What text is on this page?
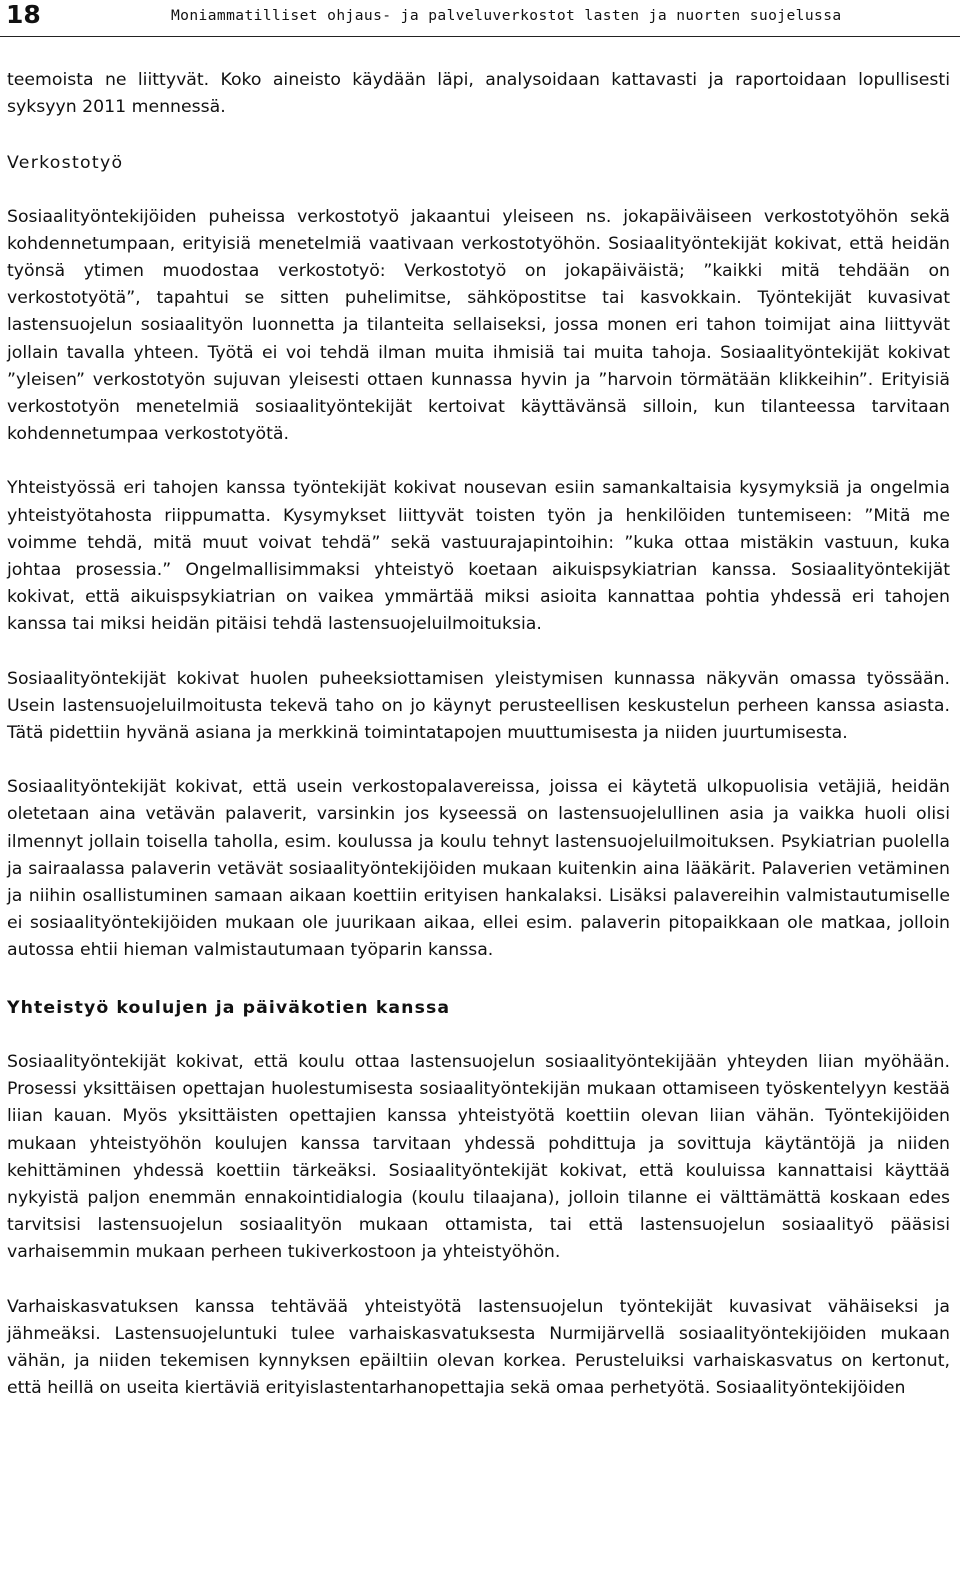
18	Moniammatilliset ohjaus- ja palveluverkostot lasten ja nuorten suojelussa

teemoista ne liittyvät. Koko aineisto käydään läpi, analysoidaan kattavasti ja raportoidaan lopullisesti syksyyn 2011 mennessä.

Verkostotyö

Sosiaalityöntekijöiden puheissa verkostotyö jakaantui yleiseen ns. jokapäiväiseen verkostotyöhön sekä kohdennetumpaan, erityisiä menetelmiä vaativaan verkostotyöhön. Sosiaalityöntekijät kokivat, että heidän työnsä ytimen muodostaa verkostotyö: Verkostotyö on jokapäiväistä; ”kaikki mitä tehdään on verkostotyötä”, tapahtui se sitten puhelimitse, sähköpostitse tai kasvokkain. Työntekijät kuvasivat lastensuojelun sosiaalityön luonnetta ja tilanteita sellaiseksi, jossa monen eri tahon toimijat aina liittyvät jollain tavalla yhteen. Työtä ei voi tehdä ilman muita ihmisiä tai muita tahoja. Sosiaalityöntekijät kokivat ”yleisen” verkostotyön sujuvan yleisesti ottaen kunnassa hyvin ja ”harvoin törmätään klikkeihin”. Erityisiä verkostotyön menetelmiä sosiaalityöntekijät kertoivat käyttävänsä silloin, kun tilanteessa tarvitaan kohdennetumpaa verkostotyötä.

Yhteistyössä eri tahojen kanssa työntekijät kokivat nousevan esiin samankaltaisia kysymyksiä ja ongelmia yhteistyötahosta riippumatta. Kysymykset liittyvät toisten työn ja henkilöiden tuntemiseen: ”Mitä me voimme tehdä, mitä muut voivat tehdä” sekä vastuurajapintoihin: ”kuka ottaa mistäkin vastuun, kuka johtaa prosessia.” Ongelmallisimmaksi yhteistyö koetaan aikuispsykiatrian kanssa. Sosiaalityöntekijät kokivat, että aikuispsykiatrian on vaikea ymmärtää miksi asioita kannattaa pohtia yhdessä eri tahojen kanssa tai miksi heidän pitäisi tehdä lastensuojeluilmoituksia.

Sosiaalityöntekijät kokivat huolen puheeksiottamisen yleistymisen kunnassa näkyvän omassa työssään. Usein lastensuojeluilmoitusta tekevä taho on jo käynyt perusteellisen keskustelun perheen kanssa asiasta. Tätä pidettiin hyvänä asiana ja merkkinä toimintatapojen muuttumisesta ja niiden juurtumisesta.

Sosiaalityöntekijät kokivat, että usein verkostopalavereissa, joissa ei käytetä ulkopuolisia vetäjiä, heidän oletetaan aina vetävän palaverit, varsinkin jos kyseessä on lastensuojelullinen asia ja vaikka huoli olisi ilmennyt jollain toisella taholla, esim. koulussa ja koulu tehnyt lastensuojeluilmoituksen. Psykiatrian puolella ja sairaalassa palaverin vetävät sosiaalityöntekijöiden mukaan kuitenkin aina lääkärit. Palaverien vetäminen ja niihin osallistuminen samaan aikaan koettiin erityisen hankalaksi. Lisäksi palavereihin valmistautumiselle ei sosiaalityöntekijöiden mukaan ole juurikaan aikaa, ellei esim. palaverin pitopaikkaan ole matkaa, jolloin autossa ehtii hieman valmistautumaan työparin kanssa.

Yhteistyö koulujen ja päiväkotien kanssa

Sosiaalityöntekijät kokivat, että koulu ottaa lastensuojelun sosiaalityöntekijään yhteyden liian myöhään. Prosessi yksittäisen opettajan huolestumisesta sosiaalityöntekijän mukaan ottamiseen työskentelyyn kestää liian kauan. Myös yksittäisten opettajien kanssa yhteistyötä koettiin olevan liian vähän. Työntekijöiden mukaan yhteistyöhön koulujen kanssa tarvitaan yhdessä pohdittuja ja sovittuja käytäntöjä ja niiden kehittäminen yhdessä koettiin tärkeäksi. Sosiaalityöntekijät kokivat, että kouluissa kannattaisi käyttää nykyistä paljon enemmän ennakointidialogia (koulu tilaajana), jolloin tilanne ei välttämättä koskaan edes tarvitsisi lastensuojelun sosiaalityön mukaan ottamista, tai että lastensuojelun sosiaalityö pääsisi varhaisemmin mukaan perheen tukiverkostoon ja yhteistyöhön.

Varhaiskasvatuksen kanssa tehtävää yhteistyötä lastensuojelun työntekijät kuvasivat vähäiseksi ja jähmeäksi. Lastensuojeluntuki tulee varhaiskasvatuksesta Nurmijärvellä sosiaalityöntekijöiden mukaan vähän, ja niiden tekemisen kynnyksen epäiltiin olevan korkea. Perusteluiksi varhaiskasvatus on kertonut, että heillä on useita kiertäviä erityislastentarhanopettajia sekä omaa perhetyötä. Sosiaalityöntekijöiden
